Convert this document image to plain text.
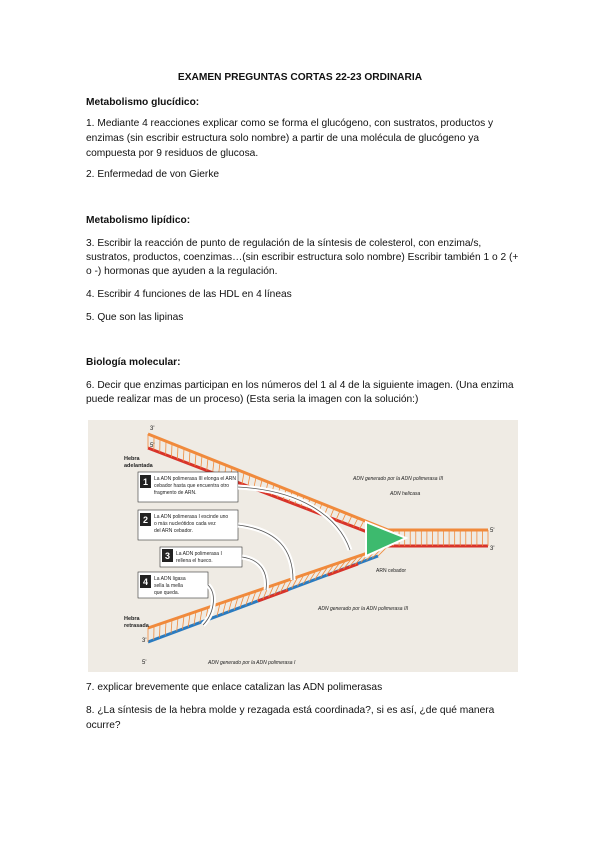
EXAMEN PREGUNTAS CORTAS 22-23 ORDINARIA

Metabolismo glucídico:

1. Mediante 4 reacciones explicar como se forma el glucógeno, con sustratos, productos y

enzimas (sin escribir estructura solo nombre) a partir de una molécula de glucógeno ya

compuesta por 9 residuos de glucosa.

2. Enfermedad de von Gierke

Metabolismo lipídico:

3. Escribir la reacción de punto de regulación de la síntesis de colesterol, con enzima/s,

sustratos, productos, coenzimas…(sin escribir estructura solo nombre) Escribir también 1 o 2 (+

o -) hormonas que ayuden a la regulación.

4. Escribir 4 funciones de las HDL en 4 líneas

5. Que son las lipinas

Biología molecular:

6. Decir que enzimas participan en los números del 1 al 4 de la siguiente imagen. (Una enzima

puede realizar mas de un proceso) (Esta seria la imagen con la solución:)

3'
5'
Hebra
adelantada
ADN generado por la ADN polimerasa III
ADN helicasa
5'
3'
ARN cebador
ADN generado por la ADN polimerasa III
Hebra
retrasada
3'
5'	ADN generado por la ADN polimerasa I
1 La ADN polimerasa III elonga el ARN
cebador hasta que encuentra otro
fragmento de ARN.
2 La ADN polimerasa I escinde uno
o más nucleótidos cada vez
del ARN cebador.
3 La ADN polimerasa I
rellena el hueco.
4 La ADN ligasa
sella la mella
que queda.

7. explicar brevemente que enlace catalizan las ADN polimerasas

8. ¿La síntesis de la hebra molde y rezagada está coordinada?, si es así, ¿de qué manera

ocurre?
